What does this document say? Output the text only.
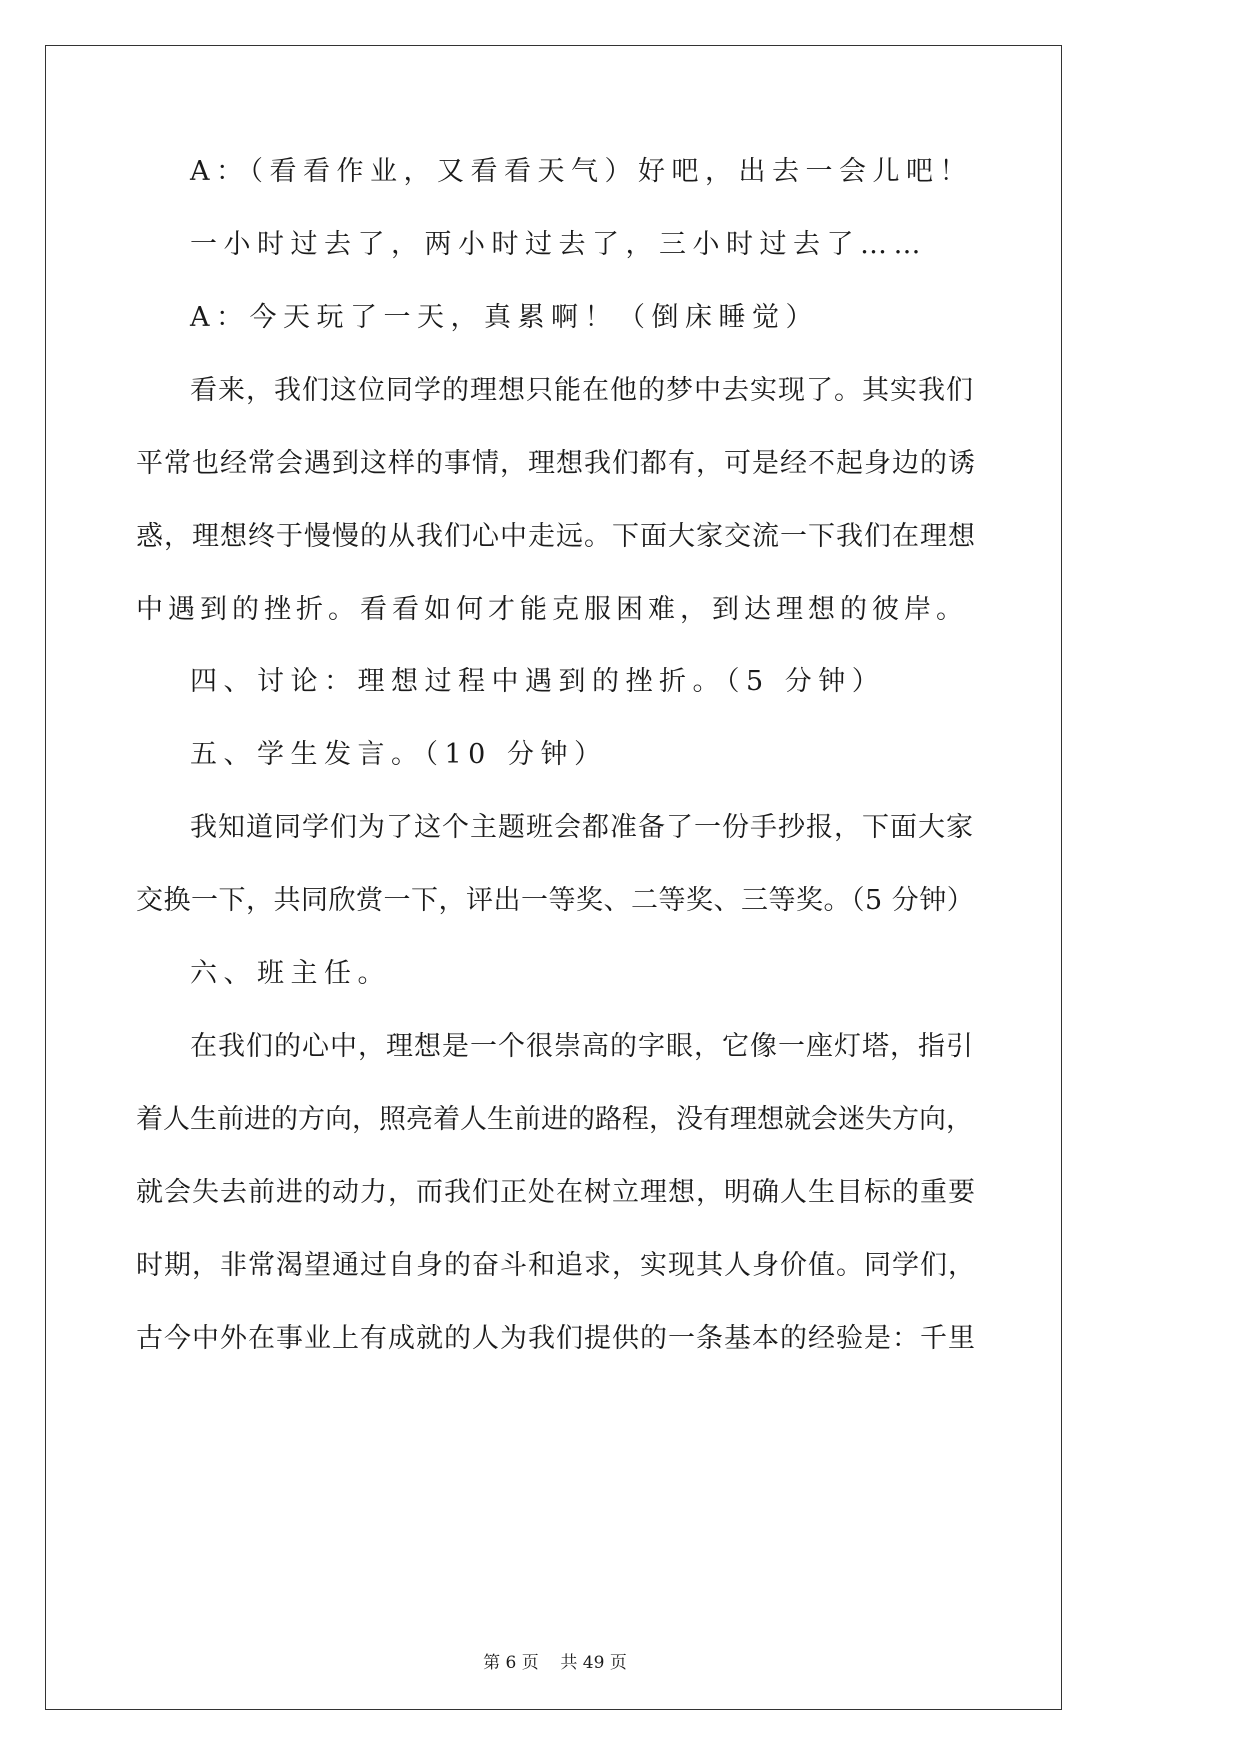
A：（看看作业，又看看天气）好吧，出去一会儿吧！
一小时过去了，两小时过去了，三小时过去了……
A：今天玩了一天，真累啊！（倒床睡觉）
看来，我们这位同学的理想只能在他的梦中去实现了。其实我们
平常也经常会遇到这样的事情，理想我们都有，可是经不起身边的诱
惑，理想终于慢慢的从我们心中走远。下面大家交流一下我们在理想
中遇到的挫折。看看如何才能克服困难，到达理想的彼岸。
四、讨论：理想过程中遇到的挫折。（5 分钟）
五、学生发言。（10 分钟）
我知道同学们为了这个主题班会都准备了一份手抄报，下面大家
交换一下，共同欣赏一下，评出一等奖、二等奖、三等奖。（5 分钟）
六、班主任。
在我们的心中，理想是一个很崇高的字眼，它像一座灯塔，指引
着人生前进的方向，照亮着人生前进的路程，没有理想就会迷失方向，
就会失去前进的动力，而我们正处在树立理想，明确人生目标的重要
时期，非常渴望通过自身的奋斗和追求，实现其人身价值。同学们，
古今中外在事业上有成就的人为我们提供的一条基本的经验是：千里
第 6 页    共 49 页
